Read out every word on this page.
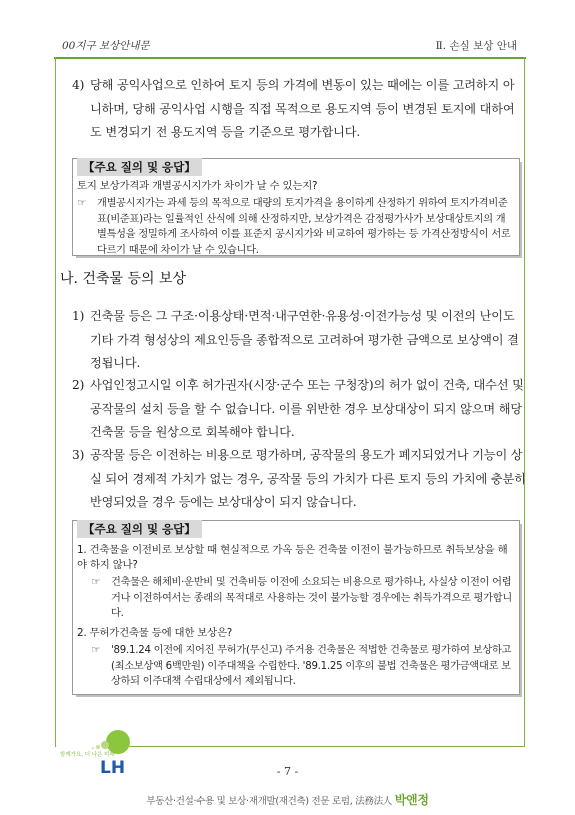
00지구 보상안내문	Ⅱ. 손실 보상 안내
4) 당해 공익사업으로 인하여 토지 등의 가격에 변동이 있는 때에는 이를 고려하지 아니하며, 당해 공익사업 시행을 직접 목적으로 용도지역 등이 변경된 토지에 대하여도 변경되기 전 용도지역 등을 기준으로 평가합니다.
【주요 질의 및 응답】
토지 보상가격과 개별공시지가가 차이가 날 수 있는지?
☞ 개별공시지가는 과세 등의 목적으로 대량의 토지가격을 용이하게 산정하기 위하여 토지가격비준표(비준표)라는 일률적인 산식에 의해 산정하지만, 보상가격은 감정평가사가 보상대상토지의 개별특성을 정밀하게 조사하여 이를 표준지 공시지가와 비교하여 평가하는 등 가격산정방식이 서로 다르기 때문에 차이가 날 수 있습니다.
나. 건축물 등의 보상
1) 건축물 등은 그 구조·이용상태·면적·내구연한·유용성·이전가능성 및 이전의 난이도 기타 가격 형성상의 제요인등을 종합적으로 고려하여 평가한 금액으로 보상액이 결정됩니다.
2) 사업인정고시일 이후 허가권자(시장·군수 또는 구청장)의 허가 없이 건축, 대수선 및 공작물의 설치 등을 할 수 없습니다. 이를 위반한 경우 보상대상이 되지 않으며 해당 건축물 등을 원상으로 회복해야 합니다.
3) 공작물 등은 이전하는 비용으로 평가하며, 공작물의 용도가 폐지되었거나 기능이 상실 되어 경제적 가치가 없는 경우, 공작물 등의 가치가 다른 토지 등의 가치에 충분히 반영되었을 경우 등에는 보상대상이 되지 않습니다.
【주요 질의 및 응답】
1. 건축물을 이전비로 보상할 때 현실적으로 가옥 등은 건축물 이전이 불가능하므로 취득보상을 해야 하지 않나?
☞ 건축물은 해체비·운반비 및 건축비등 이전에 소요되는 비용으로 평가하나, 사실상 이전이 어렵거나 이전하여서는 종래의 목적대로 사용하는 것이 불가능할 경우에는 취득가격으로 평가합니다.
2. 무허가건축물 등에 대한 보상은?
☞ '89.1.24 이전에 지어진 무허가(무신고) 주거용 건축물은 적법한 건축물로 평가하여 보상하고(최소보상액 6백만원) 이주대책을 수립한다. '89.1.25 이후의 불법 건축물은 평가금액대로 보상하되 이주대책 수립대상에서 제외됩니다.
함께가요, 더 나은 미래
LH	- 7 -
부동산·건설·수용 및 보상·재개발(재건축) 전문 로펌, 法務法人 박앤정
